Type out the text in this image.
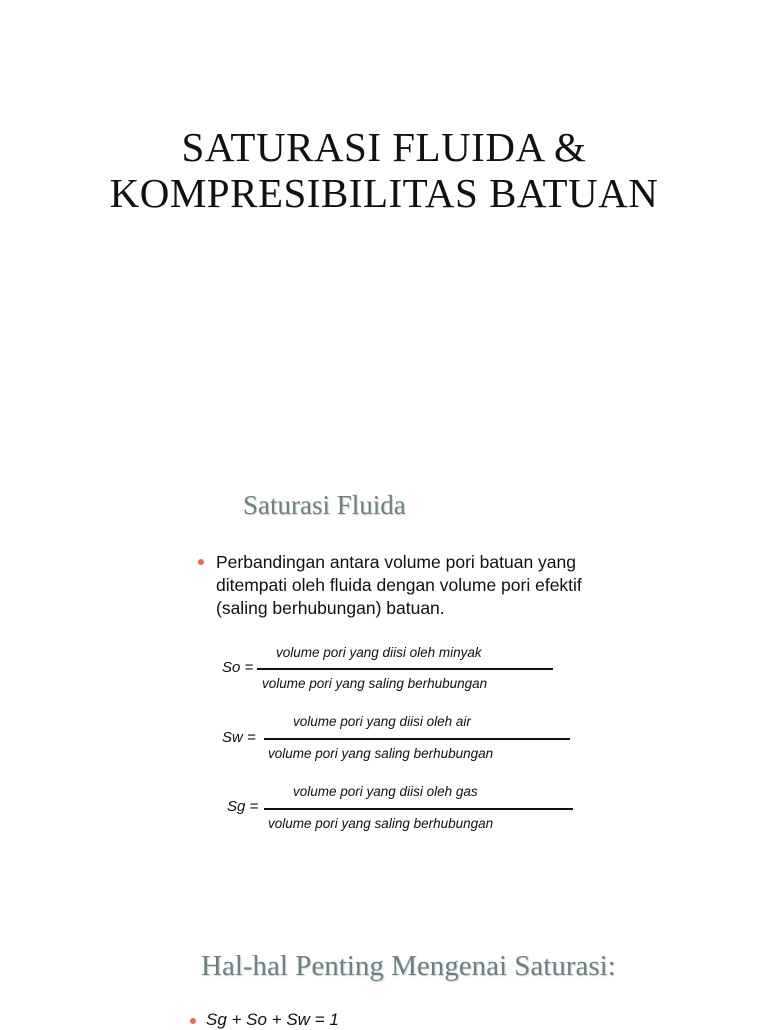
SATURASI FLUIDA &
KOMPRESIBILITAS BATUAN
Saturasi Fluida
Perbandingan antara volume pori batuan yang
ditempati oleh fluida dengan volume pori efektif
(saling berhubungan) batuan.
So =
volume pori yang diisi oleh minyak
volume pori yang saling berhubungan
Sw =
volume pori yang diisi oleh air
volume pori yang saling berhubungan
Sg =
volume pori yang diisi oleh gas
volume pori yang saling berhubungan
Hal-hal Penting Mengenai Saturasi:
Sg + So + Sw = 1
